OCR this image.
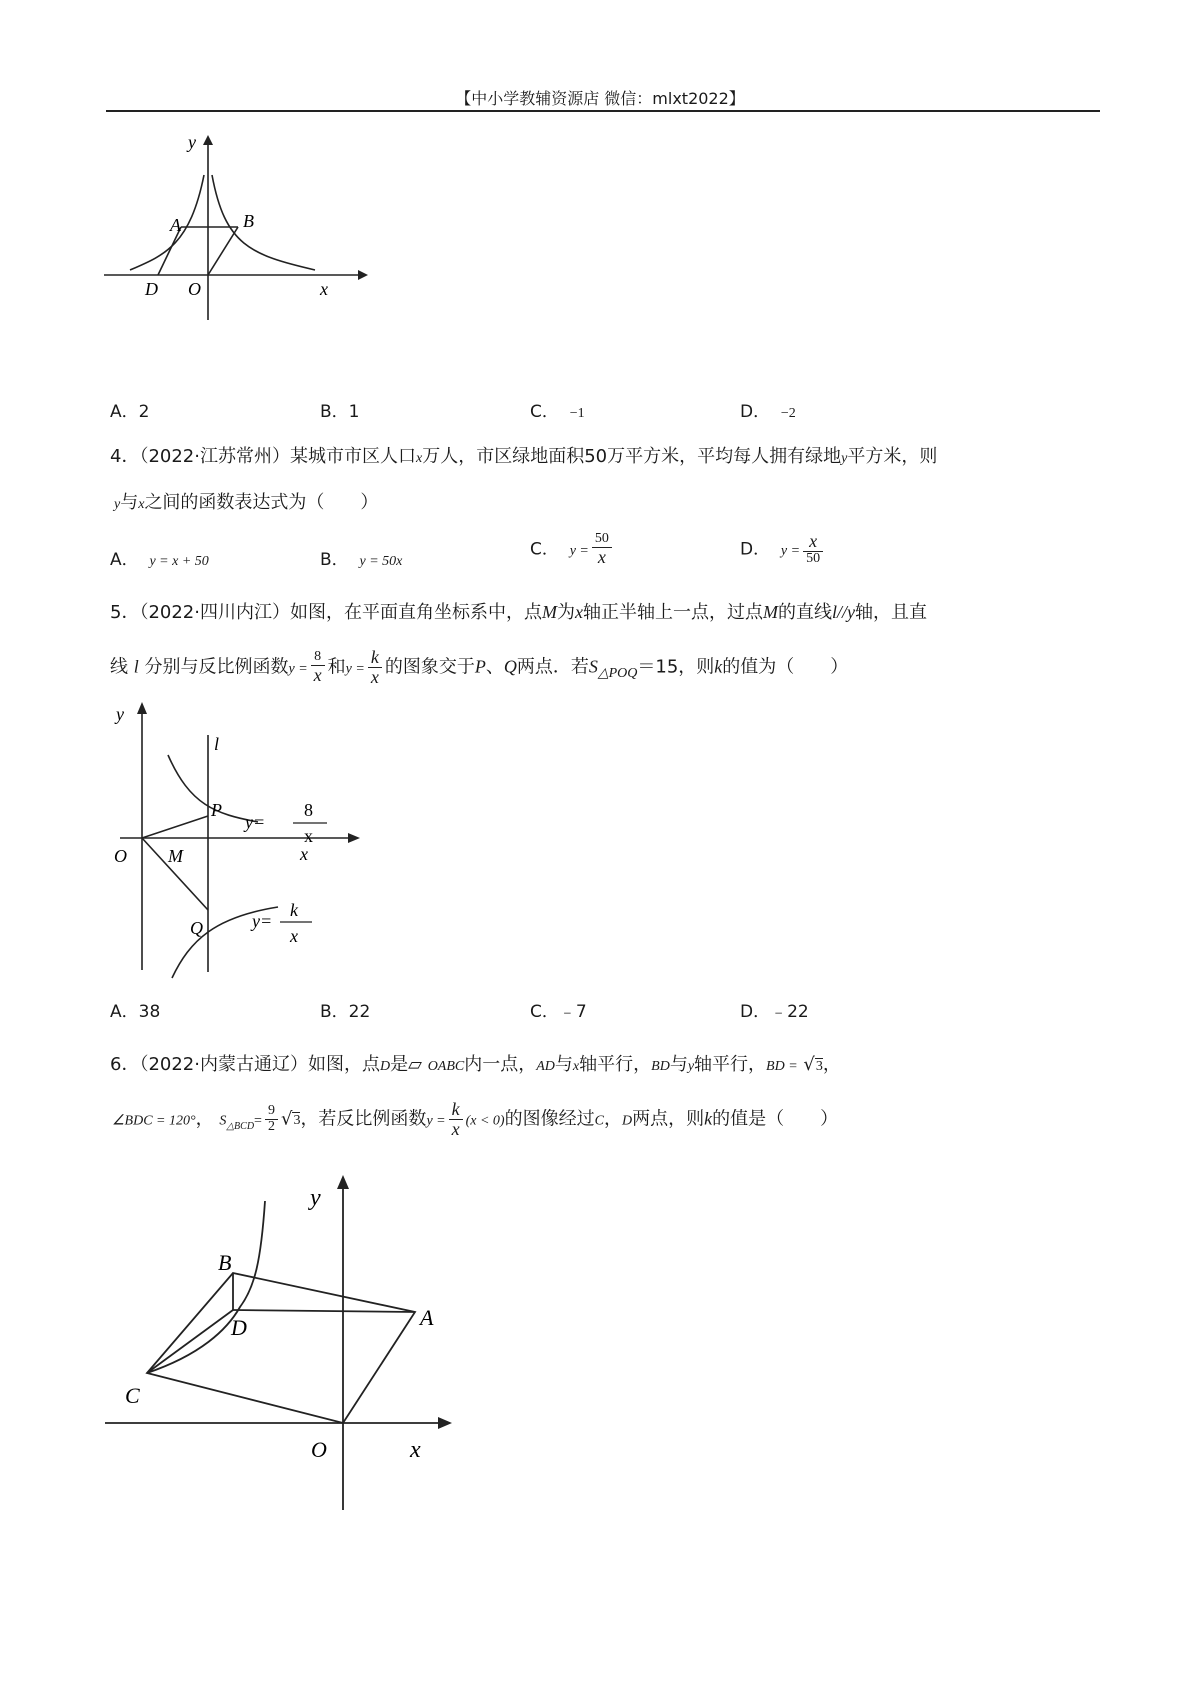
【中小学教辅资源店 微信：mlxt2022】
y
x
A	B
D O
A．2	B．1	C． −1	D． −2
4．（2022·江苏常州）某城市市区人口x万人，市区绿地面积50万平方米，平均每人拥有绿地y平方米，则
y与x之间的函数表达式为（　　）
A． y = x + 50	B． y = 50x
C． $y = \frac{50}{x}$	D． $y = \frac{x}{50}$
5．（2022·四川内江）如图，在平面直角坐标系中，点M为x轴正半轴上一点，过点M的直线l//y轴，且直
线 l 分别与反比例函数$y = \frac{8}{x}$ 和$y = \frac{k}{x}$ 的图象交于P、Q两点．若$S_{\triangle POQ}=15$，则k的值为（　　）
y
l
P
y=
8
x
O M	x
y=
k
x
Q
A．38	B．22	C．﹣7	D．﹣22
6．（2022·内蒙古通辽）如图，点D是▱ OABC内一点，AD与x轴平行，BD与y轴平行，BD = √3，
∠BDC = 120°， $S_{\triangle BCD}= \frac{9}{2} √3$，若反比例函数$y = \frac{k}{x} (x < 0)$的图像经过C，D两点，则k的值是（　　）
y
B
A
D
C
O	x
